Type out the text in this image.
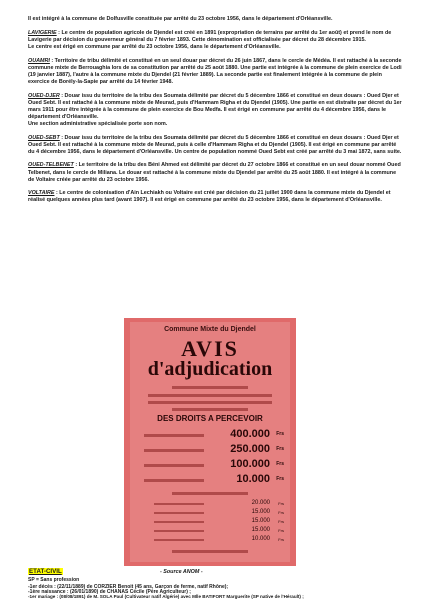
Il est intégré à la commune de Dolfusville constituée par arrêté du 23 octobre 1956, dans le département d'Orléansville.

LAVIGERIE : Le centre de population agricole de Djendel est créé en 1891 (expropriation de terrains par arrêté du 1er août) et prend le nom de Lavigerie par décision du gouverneur général du 7 février 1893. Cette dénomination est officialisée par décret du 28 décembre 1915.
Le centre est érigé en commune par arrêté du 23 octobre 1956, dans le département d'Orléansville.

OUAMRI : Territoire de tribu délimité et constitué en un seul douar par décret du 26 juin 1867, dans le cercle de Médéa. Il est rattaché à la seconde commune mixte de Berrouaghia lors de sa constitution par arrêté du 25 août 1880. Une partie est intégrée à la commune de plein exercice de Lodi (19 janvier 1887), l'autre à la commune mixte du Djendel (21 février 1889). La seconde partie est finalement intégrée à la commune de plein exercice de Borély-la-Sapie par arrêté du 14 février 1948.

OUED-DJER : Douar issu du territoire de la tribu des Soumata délimité par décret du 5 décembre 1866 et constitué en deux douars : Oued Djer et Oued Sebt. Il est rattaché à la commune mixte de Meurad, puis d'Hammam Righa et du Djendel (1905). Une partie en est distraite par décret du 1er mars 1911 pour être intégrée à la commune de plein exercice de Bou Medfa. Il est érigé en commune par arrêté du 4 décembre 1956, dans le département d'Orléansville.
Une section administrative spécialisée porte son nom.

OUED-SEBT : Douar issu du territoire de la tribu des Soumata délimité par décret du 5 décembre 1866 et constitué en deux douars : Oued Djer et Oued Sebt. Il est rattaché à la commune mixte de Meurad, puis à celle d'Hammam Righa et du Djendel (1905). Il est érigé en commune par arrêté du 4 décembre 1956, dans le département d'Orléansville. Un centre de population nommé Oued Sebt est créé par arrêté du 3 mai 1872, sans suite.

OUED-TELBENET : Le territoire de la tribu des Béni Ahmed est délimité par décret du 27 octobre 1866 et constitué en un seul douar nommé Oued Telbenet, dans le cercle de Miliana. Le douar est rattaché à la commune mixte du Djendel par arrêté du 25 août 1880. Il est intégré à la commune de Voltaire créée par arrêté du 23 octobre 1956.

VOLTAIRE : Le centre de colonisation d'Ain Lechiakh ou Voltaire est créé par décision du 21 juillet 1900 dans la commune mixte du Djendel et réalisé quelques années plus tard (avant 1907). Il est érigé en commune par arrêté du 23 octobre 1956, dans le département d'Orléansville.

Commune Mixte du Djendel
AVIS
d'adjudication
DES DROITS A PERCEVOIR
400.000 Frs
250.000 Frs
100.000 Frs
10.000 Frs
20.000 Frs
15.000 Frs
15.000 Frs
15.000 Frs
10.000 Frs
ETAT-CIVIL	- Source ANOM -
SP = Sans profession
-1er décès : (22/11/1889) de CORZIER Benoit (45 ans, Garçon de ferme, natif Rhône);
-1ère naissance : (26/01/1890) de CHANAS Cécile (Père Agriculteur) ;
-1er mariage : (08/08/1891) de M. SOLA Paul (Cultivateur natif Algérie) avec Mlle BATIFORT Marguerite (SP native de l'Hérault) ;
